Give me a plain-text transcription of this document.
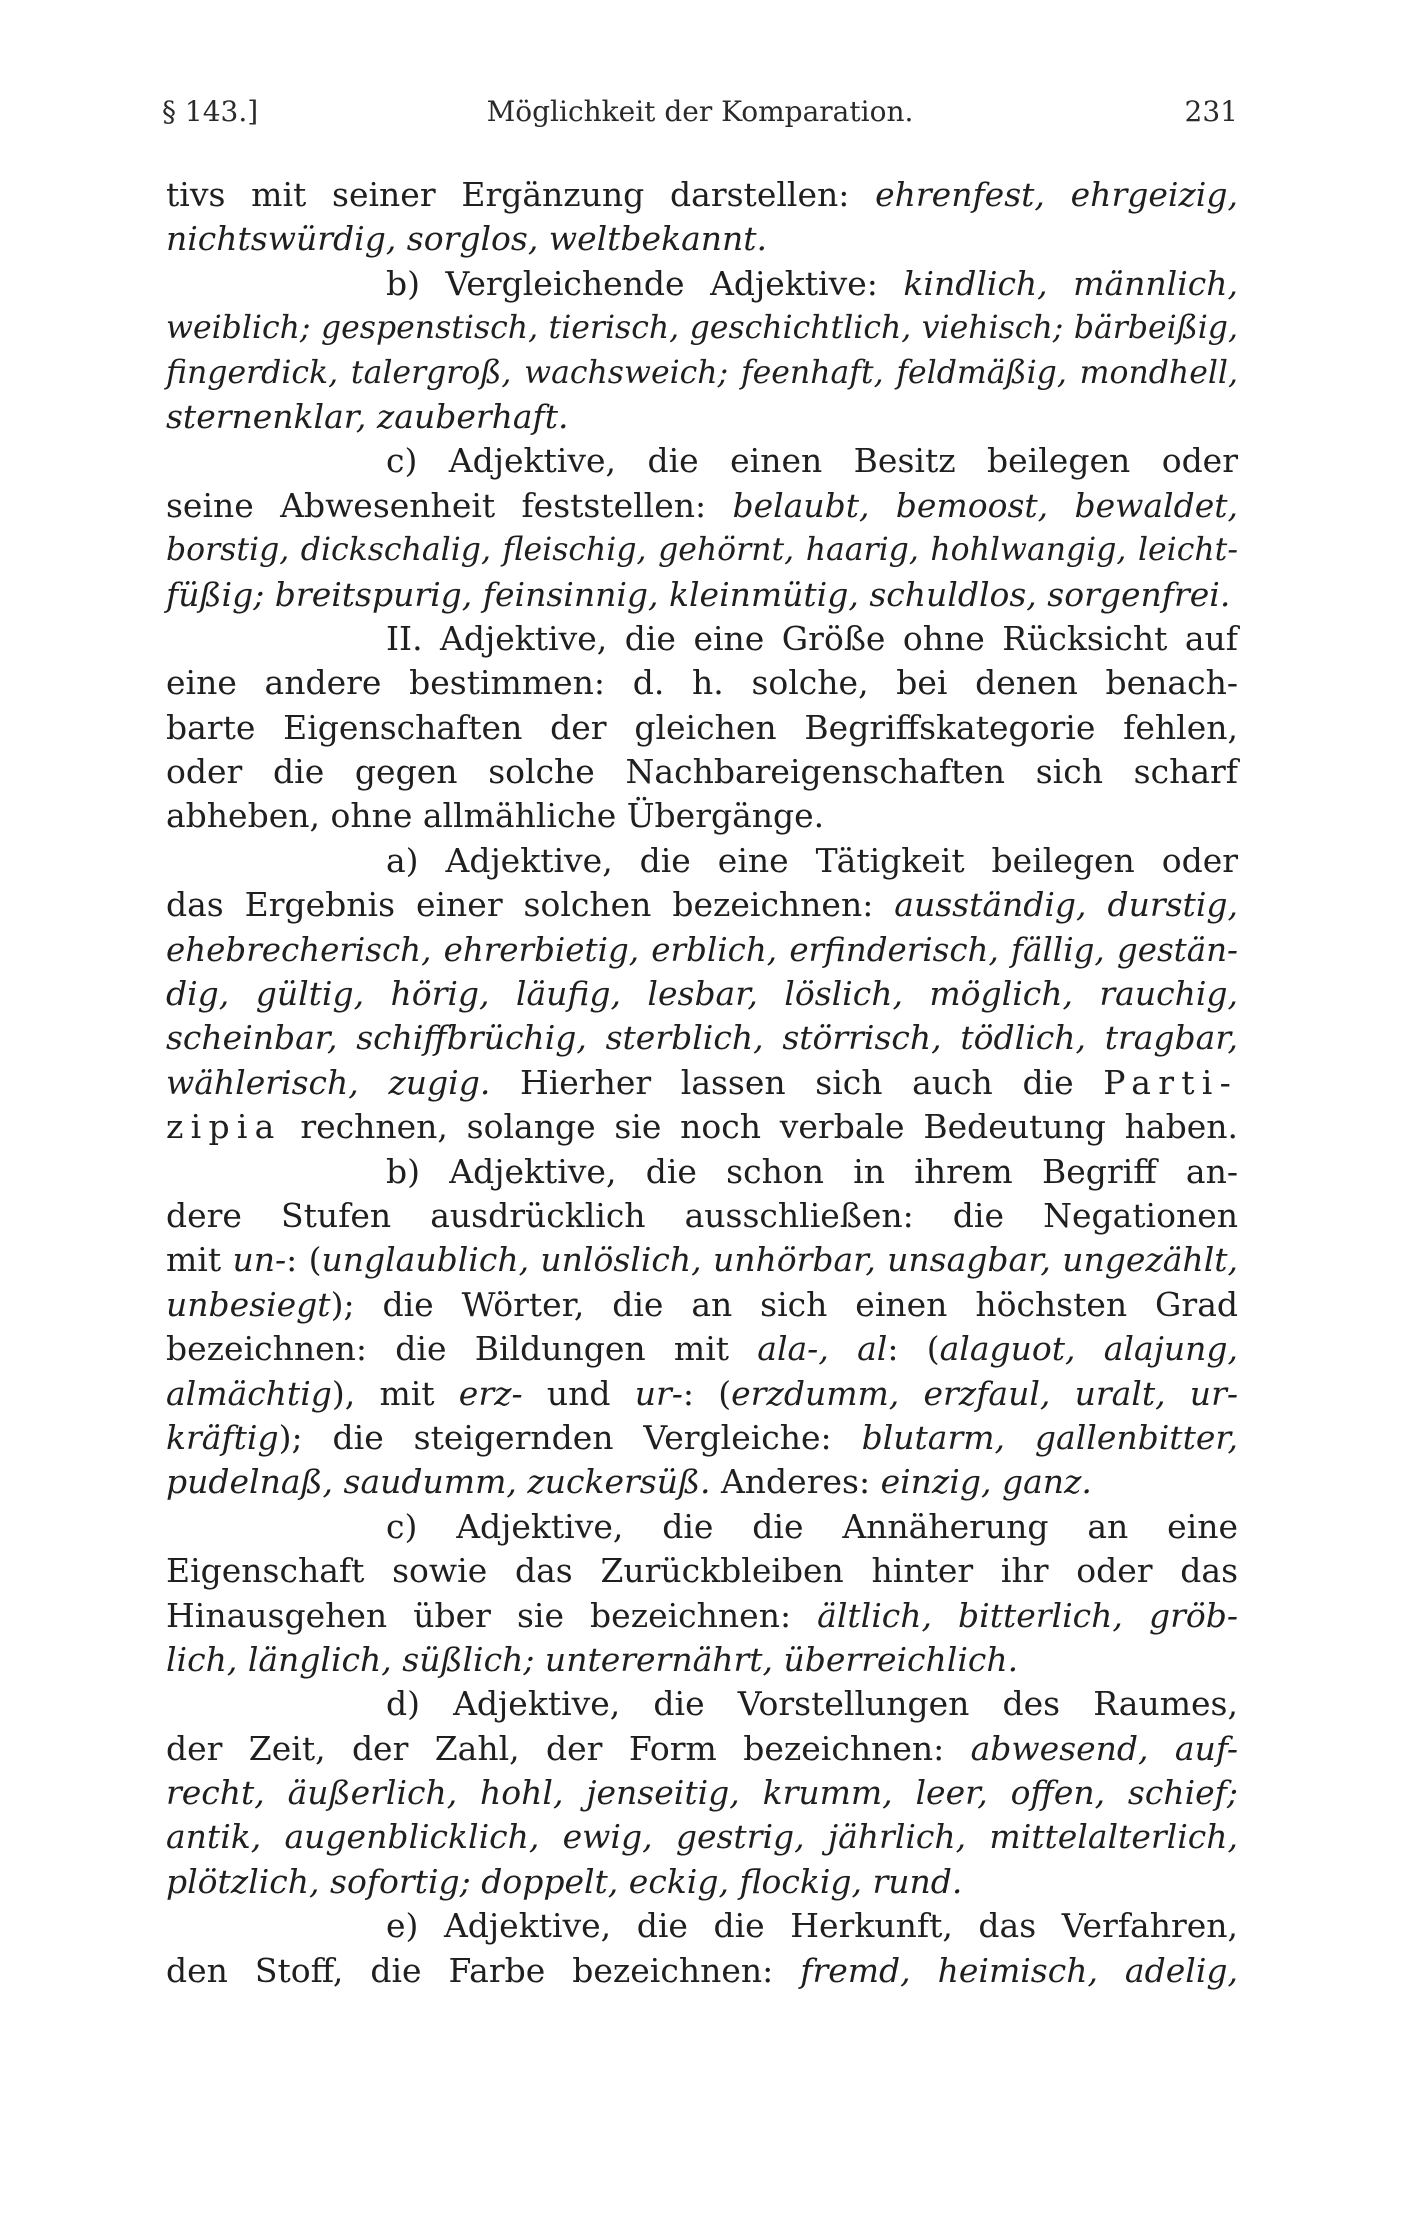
§ 143.]	Möglichkeit der Komparation.	231
tivs mit seiner Ergänzung darstellen: ehrenfest, ehrgeizig,
nichtswürdig, sorglos, weltbekannt.
b) Vergleichende Adjektive: kindlich, männlich,
weiblich; gespenstisch, tierisch, geschichtlich, viehisch; bärbeißig,
fingerdick, talergroß, wachsweich; feenhaft, feldmäßig, mondhell,
sternenklar, zauberhaft.
c) Adjektive, die einen Besitz beilegen oder
seine Abwesenheit feststellen: belaubt, bemoost, bewaldet,
borstig, dickschalig, fleischig, gehörnt, haarig, hohlwangig, leicht-
füßig; breitspurig, feinsinnig, kleinmütig, schuldlos, sorgenfrei.
II. Adjektive, die eine Größe ohne Rücksicht auf
eine andere bestimmen: d. h. solche, bei denen benach-
barte Eigenschaften der gleichen Begriffskategorie fehlen,
oder die gegen solche Nachbareigenschaften sich scharf
abheben, ohne allmähliche Übergänge.
a) Adjektive, die eine Tätigkeit beilegen oder
das Ergebnis einer solchen bezeichnen: ausständig, durstig,
ehebrecherisch, ehrerbietig, erblich, erfinderisch, fällig, gestän-
dig, gültig, hörig, läufig, lesbar, löslich, möglich, rauchig,
scheinbar, schiffbrüchig, sterblich, störrisch, tödlich, tragbar,
wählerisch, zugig. Hierher lassen sich auch die Parti-
zipia rechnen, solange sie noch verbale Bedeutung haben.
b) Adjektive, die schon in ihrem Begriff an-
dere Stufen ausdrücklich ausschließen: die Negationen
mit un-: (unglaublich, unlöslich, unhörbar, unsagbar, ungezählt,
unbesiegt); die Wörter, die an sich einen höchsten Grad
bezeichnen: die Bildungen mit ala-, al: (alaguot, alajung,
almächtig), mit erz- und ur-: (erzdumm, erzfaul, uralt, ur-
kräftig); die steigernden Vergleiche: blutarm, gallenbitter,
pudelnaß, saudumm, zuckersüß. Anderes: einzig, ganz.
c) Adjektive, die die Annäherung an eine
Eigenschaft sowie das Zurückbleiben hinter ihr oder das
Hinausgehen über sie bezeichnen: ältlich, bitterlich, gröb-
lich, länglich, süßlich; unterernährt, überreichlich.
d) Adjektive, die Vorstellungen des Raumes,
der Zeit, der Zahl, der Form bezeichnen: abwesend, auf-
recht, äußerlich, hohl, jenseitig, krumm, leer, offen, schief;
antik, augenblicklich, ewig, gestrig, jährlich, mittelalterlich,
plötzlich, sofortig; doppelt, eckig, flockig, rund.
e) Adjektive, die die Herkunft, das Verfahren,
den Stoff, die Farbe bezeichnen: fremd, heimisch, adelig,
